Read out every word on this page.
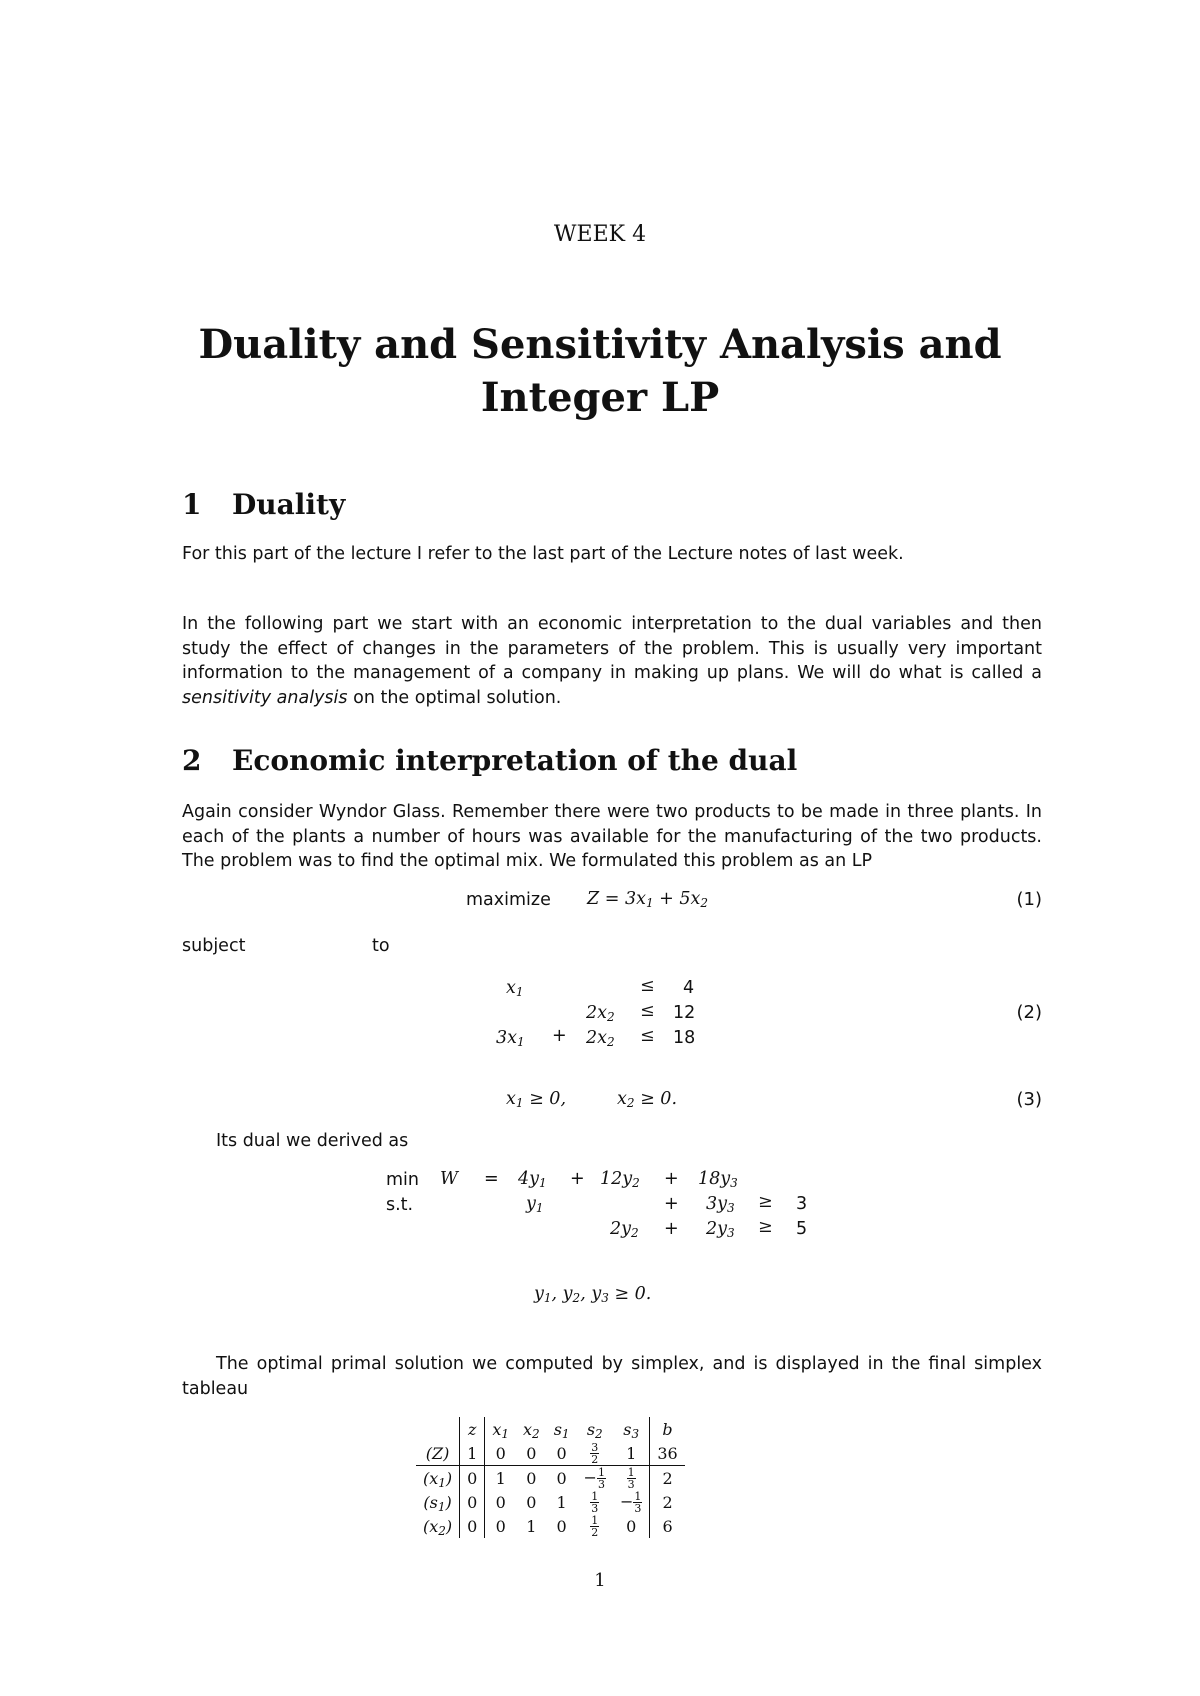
WEEK 4
Duality and Sensitivity Analysis and
Integer LP
1 Duality
For this part of the lecture I refer to the last part of the Lecture notes of last week.
In the following part we start with an economic interpretation to the dual variables and then study the effect of changes in the parameters of the problem. This is usually very important information to the management of a company in making up plans. We will do what is called a sensitivity analysis on the optimal solution.
2 Economic interpretation of the dual
Again consider Wyndor Glass. Remember there were two products to be made in three plants. In each of the plants a number of hours was available for the manufacturing of the two products. The problem was to find the optimal mix. We formulated this problem as an LP
maximize $Z = 3x_1 + 5x_2$	(1)
subject	to
$x_1$	≤ 4
$2x_2 \le 12$
$3x_1 + 2x_2 \le 18$
(2)
$x_1 \ge 0$,	$x_2 \ge 0$.	(3)
Its dual we derived as
$\min W = 4y_1 + 12y_2 + 18y_3$
s.t.	$y_1$	+ $3y_3 \ge 3$
$2y_2 + 2y_3 \ge 5$
$y_1$, $y_2$, $y_3 \ge 0$.
The optimal primal solution we computed by simplex, and is displayed in the final simplex tableau
	z	$x_1$	$x_2$	$s_1$	$s_2$	$s_3$	b
(Z)	1	0	0	0	$\frac{3}{2}$	1	36
$(x_1)$	0	1	0	0	− $\frac{1}{3}$	$\frac{1}{3}$	2
$(s_1)$	0	0	0	1	$\frac{1}{3}$	− $\frac{1}{3}$	2
$(x_2)$	0	0	1	0	$\frac{1}{2}$	0	6
1
